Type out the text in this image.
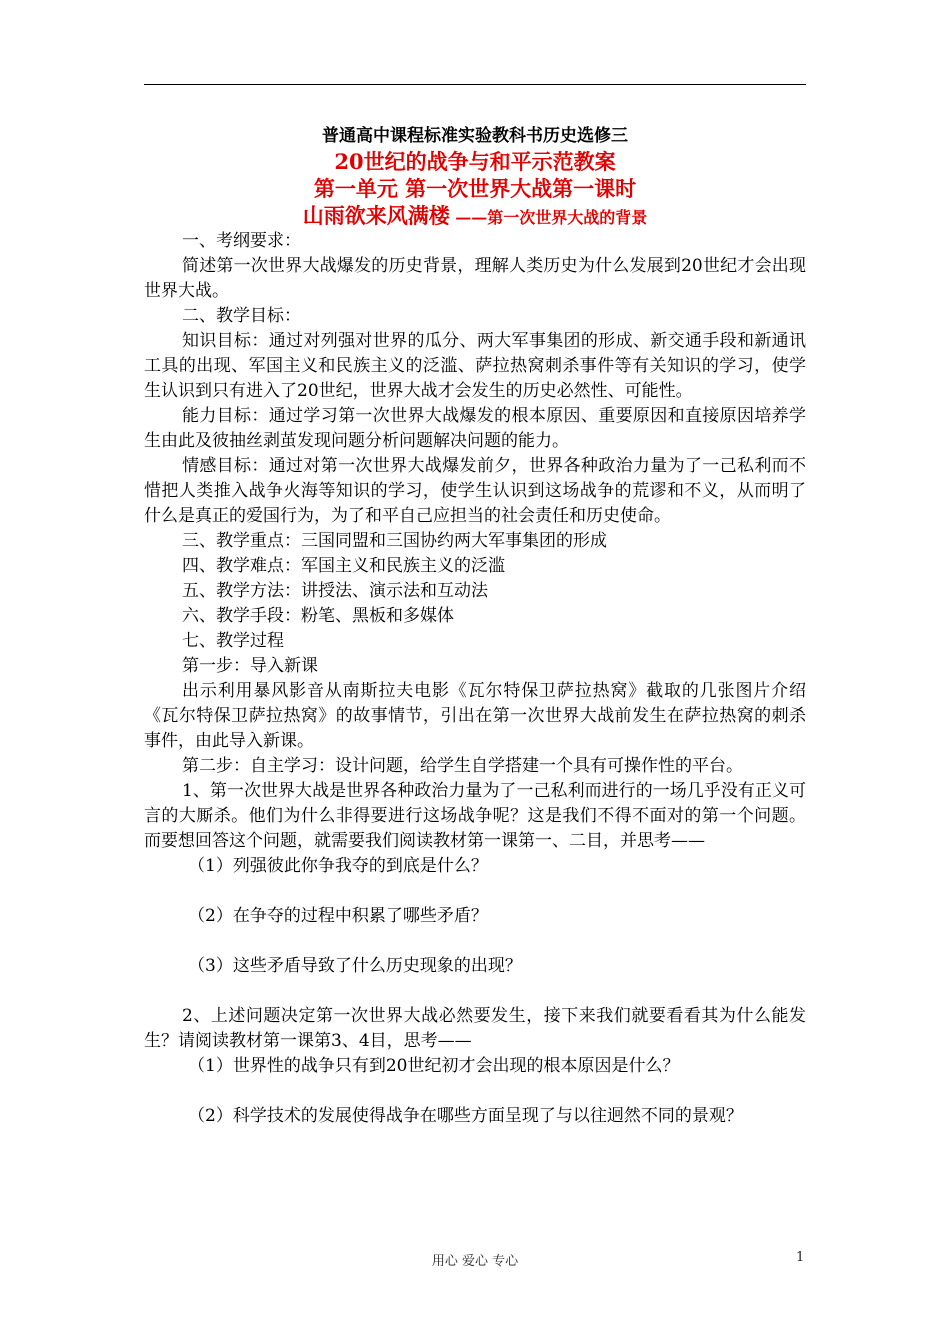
普通高中课程标准实验教科书历史选修三
20世纪的战争与和平示范教案
第一单元 第一次世界大战第一课时
山雨欲来风满楼 ——第一次世界大战的背景

一、考纲要求：

简述第一次世界大战爆发的历史背景，理解人类历史为什么发展到20世纪才会出现世界大战。

二、教学目标：

知识目标：通过对列强对世界的瓜分、两大军事集团的形成、新交通手段和新通讯工具的出现、军国主义和民族主义的泛滥、萨拉热窝刺杀事件等有关知识的学习，使学生认识到只有进入了20世纪，世界大战才会发生的历史必然性、可能性。

能力目标：通过学习第一次世界大战爆发的根本原因、重要原因和直接原因培养学生由此及彼抽丝剥茧发现问题分析问题解决问题的能力。

情感目标：通过对第一次世界大战爆发前夕，世界各种政治力量为了一己私利而不惜把人类推入战争火海等知识的学习，使学生认识到这场战争的荒谬和不义，从而明了什么是真正的爱国行为，为了和平自己应担当的社会责任和历史使命。

三、教学重点：三国同盟和三国协约两大军事集团的形成

四、教学难点：军国主义和民族主义的泛滥

五、教学方法：讲授法、演示法和互动法

六、教学手段：粉笔、黑板和多媒体

七、教学过程

第一步：导入新课

出示利用暴风影音从南斯拉夫电影《瓦尔特保卫萨拉热窝》截取的几张图片介绍《瓦尔特保卫萨拉热窝》的故事情节，引出在第一次世界大战前发生在萨拉热窝的刺杀事件，由此导入新课。

第二步：自主学习：设计问题，给学生自学搭建一个具有可操作性的平台。

1、第一次世界大战是世界各种政治力量为了一己私利而进行的一场几乎没有正义可言的大厮杀。他们为什么非得要进行这场战争呢？这是我们不得不面对的第一个问题。而要想回答这个问题，就需要我们阅读教材第一课第一、二目，并思考——

（1）列强彼此你争我夺的到底是什么？

（2）在争夺的过程中积累了哪些矛盾？

（3）这些矛盾导致了什么历史现象的出现？

2、上述问题决定第一次世界大战必然要发生，接下来我们就要看看其为什么能发生？请阅读教材第一课第3、4目，思考——

（1）世界性的战争只有到20世纪初才会出现的根本原因是什么？

（2）科学技术的发展使得战争在哪些方面呈现了与以往迥然不同的景观？

用心 爱心 专心	1
